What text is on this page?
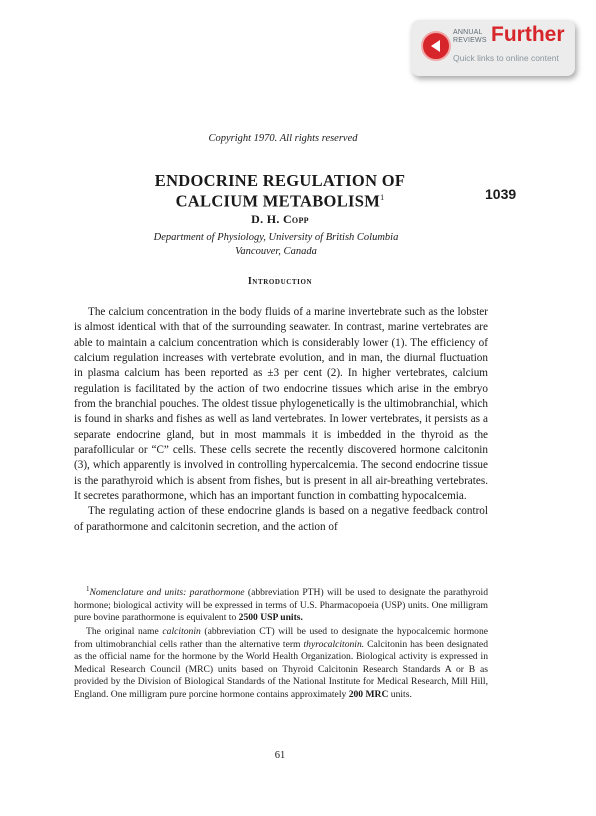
ANNUAL
REVIEWS Further
Quick links to online content
Copyright 1970. All rights reserved
ENDOCRINE REGULATION OF
CALCIUM METABOLISM$^1$	1039
D. H. Copp
Department of Physiology, University of British Columbia
Vancouver, Canada
Introduction

The calcium concentration in the body fluids of a marine invertebrate such as the lobster is almost identical with that of the surrounding seawater. In contrast, marine vertebrates are able to maintain a calcium concentration which is considerably lower (1). The efficiency of calcium regulation increases with vertebrate evolution, and in man, the diurnal fluctuation in plasma calcium has been reported as ±3 per cent (2). In higher vertebrates, calcium regulation is facilitated by the action of two endocrine tissues which arise in the embryo from the branchial pouches. The oldest tissue phylogenetically is the ultimobranchial, which is found in sharks and fishes as well as land vertebrates. In lower vertebrates, it persists as a separate endocrine gland, but in most mammals it is imbedded in the thyroid as the parafollicular or “C” cells. These cells secrete the recently discovered hormone calcitonin (3), which apparently is involved in controlling hypercalcemia. The second endocrine tissue is the parathyroid which is absent from fishes, but is present in all air-breathing vertebrates. It secretes parathormone, which has an important function in combatting hypocalcemia.

The regulating action of these endocrine glands is based on a negative feedback control of parathormone and calcitonin secretion, and the action of

$^1$Nomenclature and units: parathormone (abbreviation PTH) will be used to designate the parathyroid hormone; biological activity will be expressed in terms of U.S. Pharmacopoeia (USP) units. One milligram pure bovine parathormone is equivalent to 2500 USP units.

The original name calcitonin (abbreviation CT) will be used to designate the hypocalcemic hormone from ultimobranchial cells rather than the alternative term thyrocalcitonin. Calcitonin has been designated as the official name for the hormone by the World Health Organization. Biological activity is expressed in Medical Research Council (MRC) units based on Thyroid Calcitonin Research Standards A or B as provided by the Division of Biological Standards of the National Institute for Medical Research, Mill Hill, England. One milligram pure porcine hormone contains approximately 200 MRC units.

61
